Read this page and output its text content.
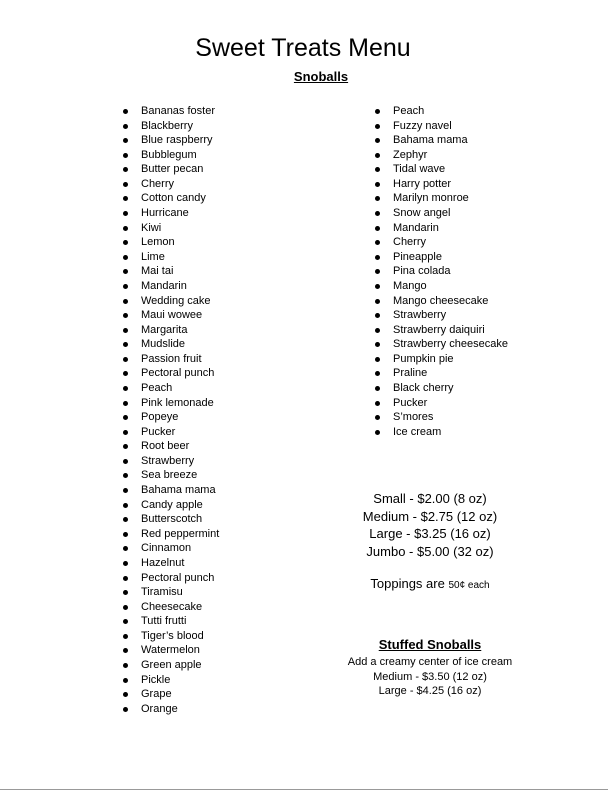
Sweet Treats Menu
Snoballs
Bananas foster
Blackberry
Blue raspberry
Bubblegum
Butter pecan
Cherry
Cotton candy
Hurricane
Kiwi
Lemon
Lime
Mai tai
Mandarin
Wedding cake
Maui wowee
Margarita
Mudslide
Passion fruit
Pectoral punch
Peach
Pink lemonade
Popeye
Pucker
Root beer
Strawberry
Sea breeze
Bahama mama
Candy apple
Butterscotch
Red peppermint
Cinnamon
Hazelnut
Pectoral punch
Tiramisu
Cheesecake
Tutti frutti
Tiger’s blood
Watermelon
Green apple
Pickle
Grape
Orange
Peach
Fuzzy navel
Bahama mama
Zephyr
Tidal wave
Harry potter
Marilyn monroe
Snow angel
Mandarin
Cherry
Pineapple
Pina colada
Mango
Mango cheesecake
Strawberry
Strawberry daiquiri
Strawberry cheesecake
Pumpkin pie
Praline
Black cherry
Pucker
S’mores
Ice cream
Small - $2.00 (8 oz)
Medium - $2.75 (12 oz)
Large - $3.25 (16 oz)
Jumbo - $5.00 (32 oz)
Toppings are 50¢ each
Stuffed Snoballs
Add a creamy center of ice cream
Medium - $3.50 (12 oz)
Large - $4.25 (16 oz)
